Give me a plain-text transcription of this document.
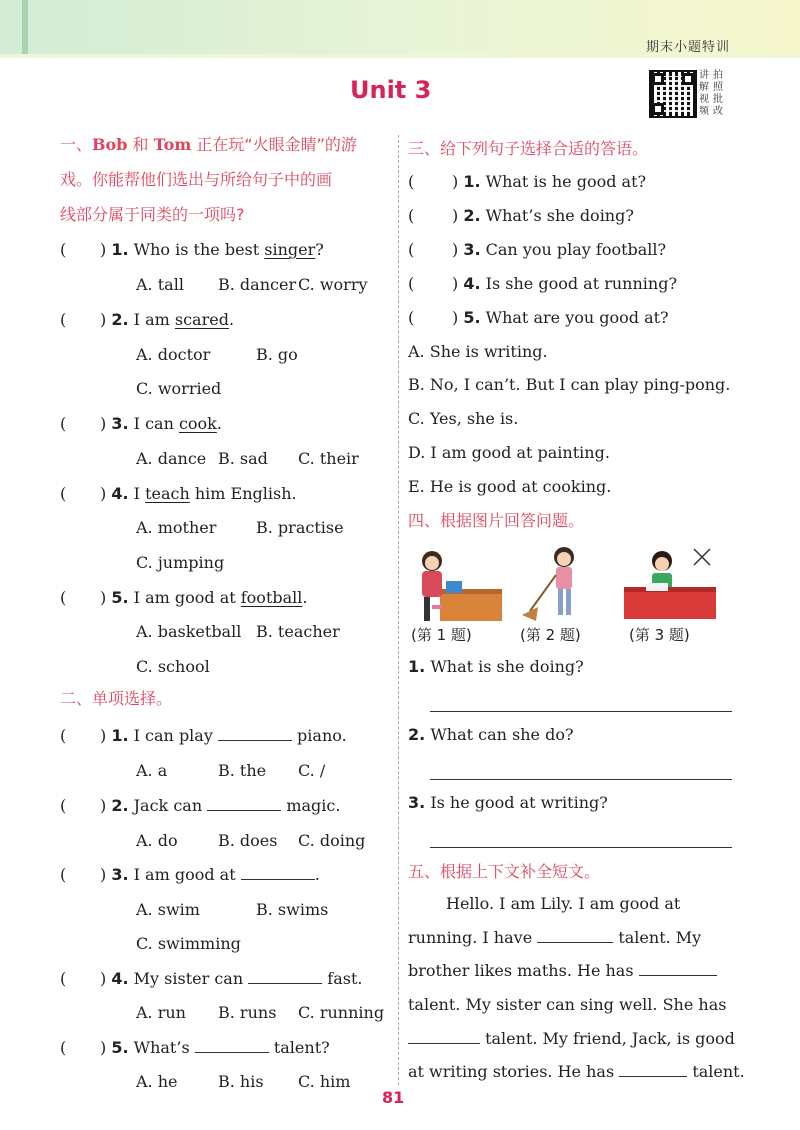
期末小题特训
Unit 3
讲 拍
解 照
视 批
频 改
一、Bob 和 Tom 正在玩“火眼金睛”的游
戏。你能帮他们选出与所给句子中的画
线部分属于同类的一项吗?
( ) 1. Who is the best singer?
A. tall B. dancer C. worry
( ) 2. I am scared.
A. doctor	B. go
C. worried
( ) 3. I can cook.
A. dance B. sad C. their
( ) 4. I teach him English.
A. mother B. practise
C. jumping
( ) 5. I am good at football.
A. basketball B. teacher
C. school
二、单项选择。
( ) 1. I can play	piano.
A. a	B. the C. /
( ) 2. Jack can	magic.
A. do	B. does C. doing
( ) 3. I am good at	.
A. swim	B. swims
C. swimming
( ) 4. My sister can	fast.
A. run B. runs C. running
( ) 5. What’s	talent?
A. he	B. his C. him
三、给下列句子选择合适的答语。
( ) 1. What is he good at?
( ) 2. What’s she doing?
( ) 3. Can you play football?
( ) 4. Is she good at running?
( ) 5. What are you good at?
A. She is writing.
B. No, I can’t. But I can play ping-pong.
C. Yes, she is.
D. I am good at painting.
E. He is good at cooking.
四、根据图片回答问题。
(第 1 题)	(第 2 题)	(第 3 题)
1. What is she doing?
2. What can she do?
3. Is he good at writing?
五、根据上下文补全短文。
Hello. I am Lily. I am good at
running. I have	talent. My
brother likes maths. He has
talent. My sister can sing well. She has
talent. My friend, Jack, is good
at writing stories. He has	talent.
81
